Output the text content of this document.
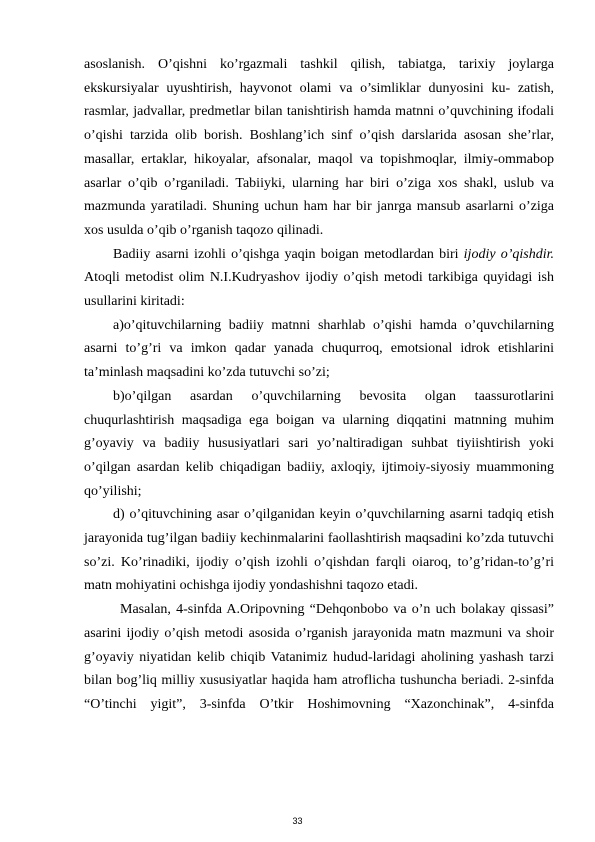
asoslanish. O’qishni ko’rgazmali tashkil qilish, tabiatga, tarixiy joylarga ekskursiyalar uyushtirish, hayvonot olami va o’simliklar dunyosini ku- zatish, rasmlar, jadvallar, predmetlar bilan tanishtirish hamda matnni o’quvchining ifodali o’qishi tarzida olib borish. Boshlang’ich sinf o’qish darslarida asosan she’rlar, masallar, ertaklar, hikoyalar, afsonalar, maqol va topishmoqlar, ilmiy-ommabop asarlar o’qib o’rganiladi. Tabiiyki, ularning har biri o’ziga xos shakl, uslub va mazmunda yaratiladi. Shuning uchun ham har bir janrga mansub asarlarni o’ziga xos usulda o’qib o’rganish taqozo qilinadi.

Badiiy asarni izohli o’qishga yaqin boigan metodlardan biri ijodiy o’qishdir. Atoqli metodist olim N.I.Kudryashov ijodiy o’qish metodi tarkibiga quyidagi ish usullarini kiritadi:

a)o’qituvchilarning badiiy matnni sharhlab o’qishi hamda o’quvchilarning asarni to’g’ri va imkon qadar yanada chuqurroq, emotsional idrok etishlarini ta’minlash maqsadini ko’zda tutuvchi so’zi;

b)o’qilgan asardan o’quvchilarning bevosita olgan taassurotlarini chuqurlashtirish maqsadiga ega boigan va ularning diqqatini matnning muhim g’oyaviy va badiiy hususiyatlari sari yo’naltiradigan suhbat tiyiishtirish yoki o’qilgan asardan kelib chiqadigan badiiy, axloqiy, ijtimoiy-siyosiy muammoning qo’yilishi;

d) o’qituvchining asar o’qilganidan keyin o’quvchilarning asarni tadqiq etish jarayonida tug’ilgan badiiy kechinmalarini faollashtirish maqsadini ko’zda tutuvchi so’zi. Ko’rinadiki, ijodiy o’qish izohli o’qishdan farqli oiaroq, to’g’ridan-to’g’ri matn mohiyatini ochishga ijodiy yondashishni taqozo etadi.

Masalan, 4-sinfda A.Oripovning “Dehqonbobo va o’n uch bolakay qissasi” asarini ijodiy o’qish metodi asosida o’rganish jarayonida matn mazmuni va shoir g’oyaviy niyatidan kelib chiqib Vatanimiz hudud-laridagi aholining yashash tarzi bilan bog’liq milliy xususiyatlar haqida ham atroflicha tushuncha beriadi. 2-sinfda “O’tinchi yigit”, 3-sinfda O’tkir Hoshimovning “Xazonchinak”, 4-sinfda

33
